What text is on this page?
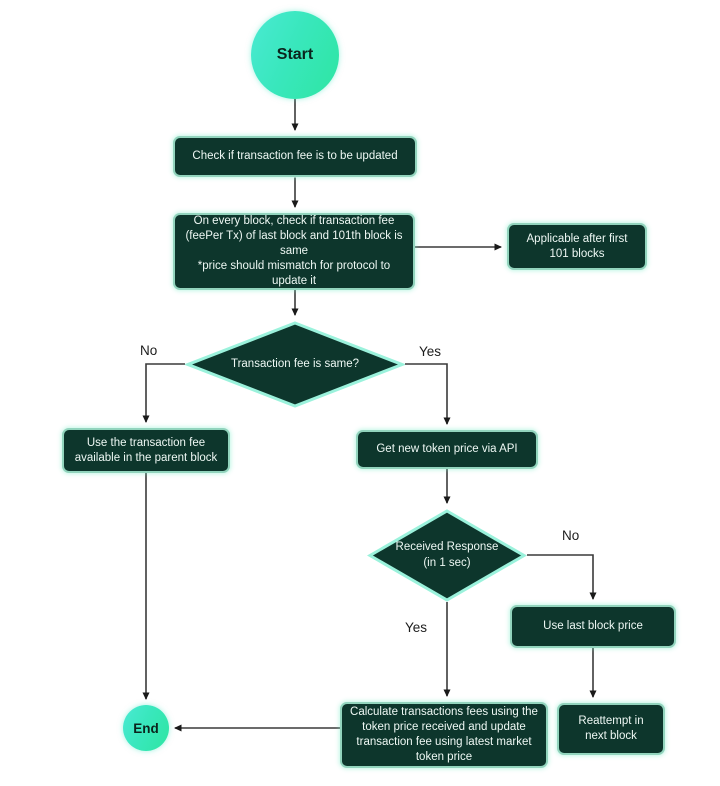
Start
Check if transaction fee is to be updated

On every block, check if transaction fee (feePer Tx) of last block and 101th block is same

*price should mismatch for protocol to update it

Applicable after first 101 blocks
Transaction fee is same?
Use the transaction fee available in the parent block
Get new token price via API
Received Response
(in 1 sec)
Use last block price
Reattempt in next block
Calculate transactions fees using the token price received and update transaction fee using latest market token price
End
No	Yes
No
Yes
